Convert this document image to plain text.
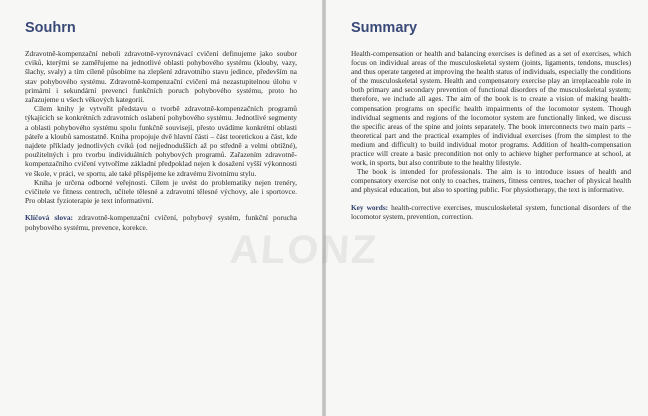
Souhrn

Zdravotně-kompenzační neboli zdravotně-vyrovnávací cvičení definujeme jako soubor cviků, kterými se zaměřujeme na jednotlivé oblasti pohybového systému (klouby, vazy, šlachy, svaly) a tím cíleně působíme na zlepšení zdravotního stavu jedince, především na stav pohybového systému. Zdravotně-kompenzační cvičení má nezastupitelnou úlohu v primární i sekundární prevenci funkčních poruch pohybového systému, proto ho zařazujeme u všech věkových kategorií.

Cílem knihy je vytvořit představu o tvorbě zdravotně-kompenzačních programů týkajících se konkrétních zdravotních oslabení pohybového systému. Jednotlivé segmenty a oblasti pohybového systému spolu funkčně souvisejí, přesto uvádíme konkrétní oblasti páteře a kloubů samostatně. Kniha propojuje dvě hlavní části – část teoretickou a část, kde najdete příklady jednotlivých cviků (od nejjednodušších až po středně a velmi obtížné), použitelných i pro tvorbu individuálních pohybových programů. Zařazením zdravotně-kompenzačního cvičení vytvoříme základní předpoklad nejen k dosažení vyšší výkonnosti ve škole, v práci, ve sportu, ale také přispějeme ke zdravému životnímu stylu.

Kniha je určena odborné veřejnosti. Cílem je uvést do problematiky nejen trenéry, cvičitele ve fitness centrech, učitele tělesné a zdravotní tělesné výchovy, ale i sportovce. Pro oblast fyzioterapie je text informativní.

Klíčová slova: zdravotně-kompenzační cvičení, pohybový systém, funkční porucha pohybového systému, prevence, korekce.

Summary

Health-compensation or health and balancing exercises is defined as a set of exercises, which focus on individual areas of the musculoskeletal system (joints, ligaments, tendons, muscles) and thus operate targeted at improving the health status of individuals, especially the conditions of the musculoskeletal system. Health and compensatory exercise play an irreplaceable role in both primary and secondary prevention of functional disorders of the musculoskeletal system; therefore, we include all ages. The aim of the book is to create a vision of making health-compensation programs on specific health impairments of the locomotor system. Though individual segments and regions of the locomotor system are functionally linked, we discuss the specific areas of the spine and joints separately. The book interconnects two main parts – theoretical part and the practical examples of individual exercises (from the simplest to the medium and difficult) to build individual motor programs. Addition of health-compensation practice will create a basic precondition not only to achieve higher performance at school, at work, in sports, but also contribute to the healthy lifestyle.

The book is intended for professionals. The aim is to introduce issues of health and compensatory exercise not only to coaches, trainers, fitness centres, teacher of physical health and physical education, but also to sporting public. For physiotherapy, the text is informative.

Key words: health-corrective exercises, musculoskeletal system, functional disorders of the locomotor system, prevention, correction.
